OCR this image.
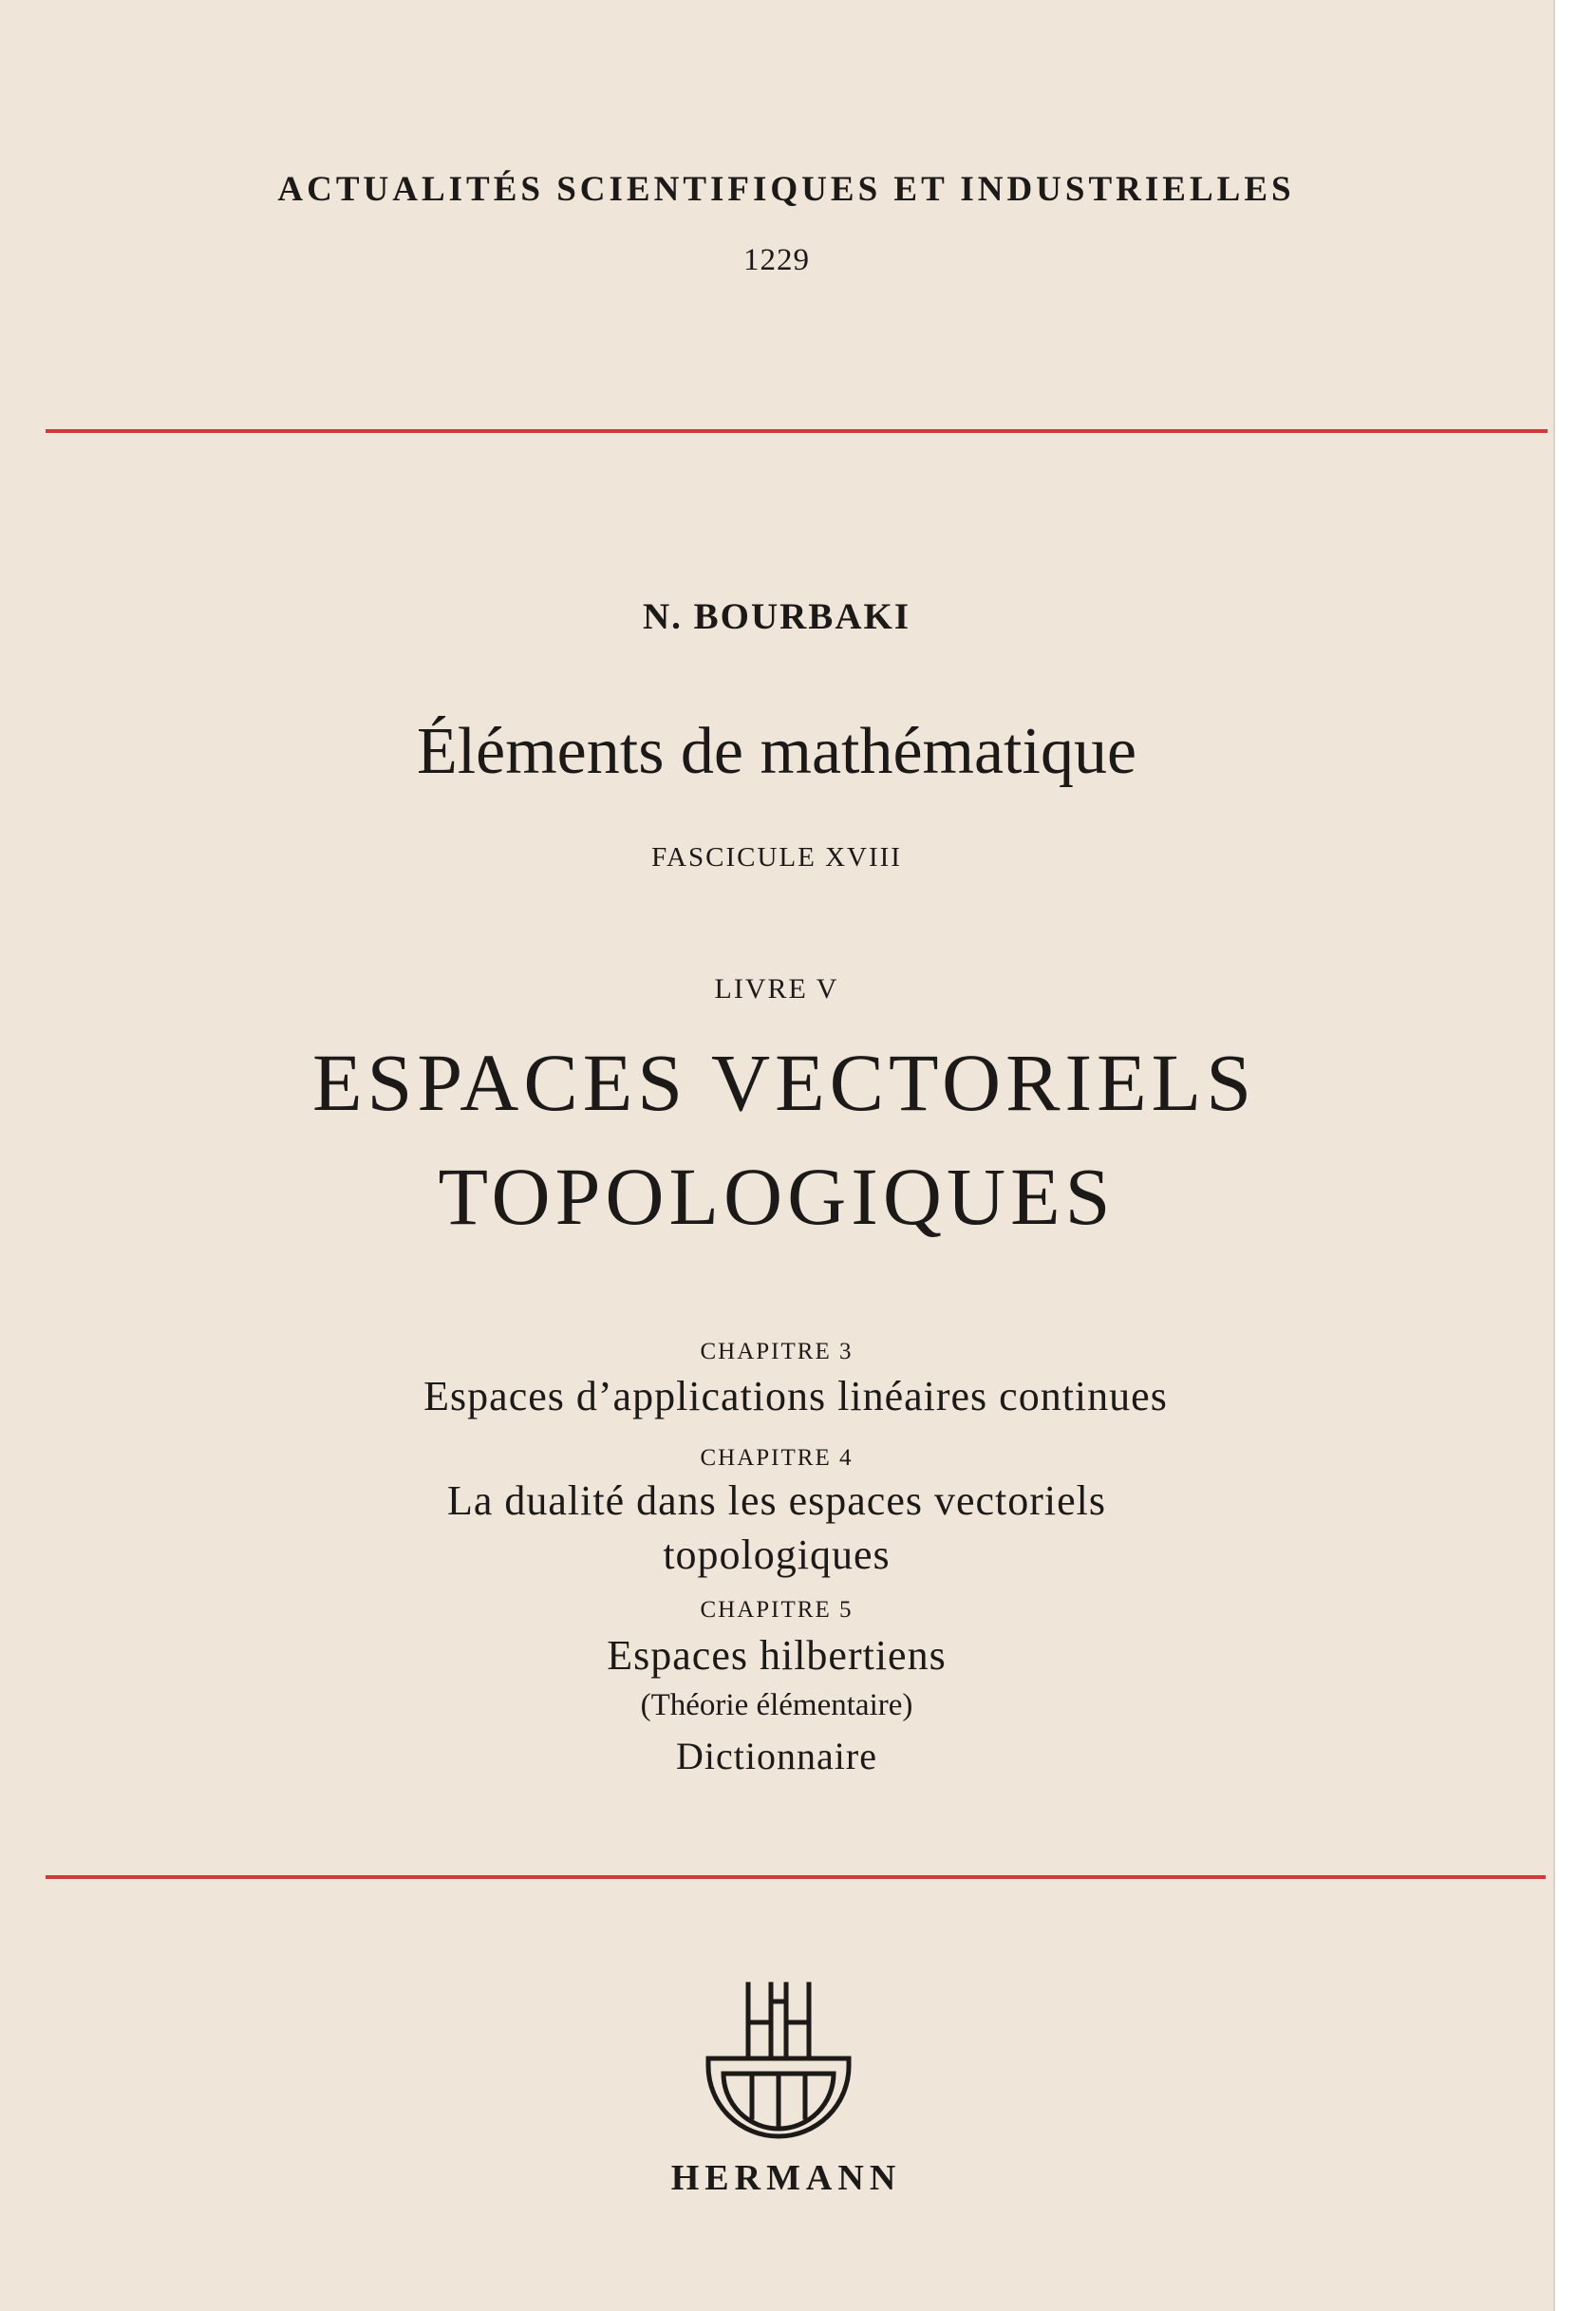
ACTUALITÉS SCIENTIFIQUES ET INDUSTRIELLES

1229

N. BOURBAKI

Éléments de mathématique

FASCICULE XVIII

LIVRE V

ESPACES VECTORIELS

TOPOLOGIQUES

CHAPITRE 3

Espaces d’applications linéaires continues

CHAPITRE 4

La dualité dans les espaces vectoriels

topologiques

CHAPITRE 5

Espaces hilbertiens

(Théorie élémentaire)

Dictionnaire

HERMANN
